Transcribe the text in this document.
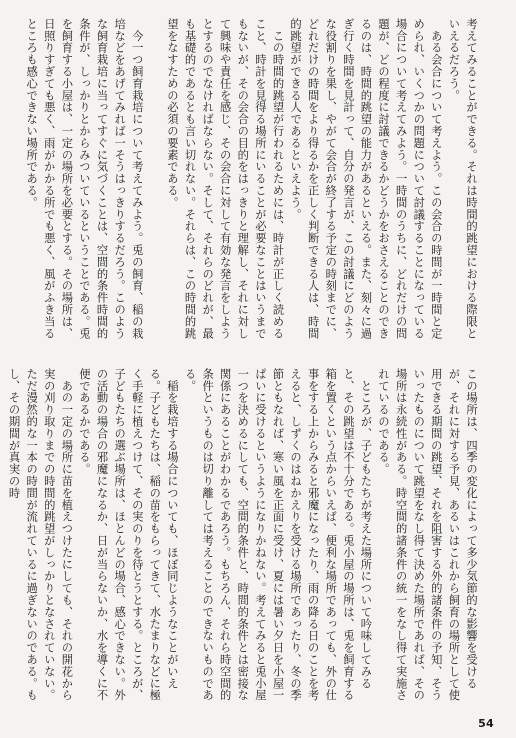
考えてみることができる。それは時間的跳望における際限といえるだろう。
　ある会合について考えよう。この会合の時間が一時間と定められ、いくつかの問題について討議することになっている場合について考えてみよう。一時間のうちに、どれだけの問題が、どの程度に討議できるかどうかをおさえることのできるのは、時間的跳望の能力があるといえる。また、刻々に過ぎ行く時間を見計って、自分の発言が、この討議にどのような役割りを果し、やがて会合が終了する予定の時刻までに、どれだけの時間をより得るかを正しく判断できる人は、時間的跳望ができる人であるといえよう。
　この時間的跳望が行われるためには、時計が正しく読めること、時計を見得る場所にいることが必要なことはいうまでもないが、その会合の目的をはっきりと理解し、それに対して興味や責任を感じ、その会合に対して有効な発言をしようとするのでなければならない。そして、それらのどれが、最も基礎的であるとも言い切れない。それらは、この時間的跳望をなすための必須の要素である。

　今一つ飼育栽培について考えてみよう。兎の飼育、稲の栽培などをあげてみれば一そうはっきりするだろう。このような飼育栽培に当ってすぐに気づくことは、空間的条件時間的条件が、しっかりとからみついているということである。兎を飼育する小屋は、一定の場所を必要とする。その場所は、日照りすぎても悪く、雨がかかる所でも悪く、風がふき当るところも感心できない場所である。
この場所は、四季の変化によって多少気節的な影響を受けるが、それに対する予見、あるいはこれから飼育の場所として使用できる期間の跳望、それを阻害する外的諸条件の予知、そういったものについて跳望をなし得て決めた場所であれば、その場所は永続性がある。時空間的諸条件の統一をなし得て実施されているのである。
　ところが、子どもたちが考えた場所について吟味してみると、その跳望は不十分である。兎小屋の場所は、兎を飼育する箱を置くという点からいえば、便利な場所であっても、外の仕事をする上からみると邪魔になったり、雨の降る日のことを考えると、しずくのはねかえりを受ける場所であったり、冬の季節ともなれば、寒い風を正面に受け、夏には暑い夕日を小屋一ぱいに受けるというようになりかねない。考えてみると兎小屋一つを決めるにしても、空間的条件と、時間的条件とは密接な関係にあることがわかるであろう。もちろん、それら時空間的条件というものは切り離しては考えることのできないものである。
　稲を栽培する場合についても、ほぼ同じようなことがいえる。子どもたちは、稲の苗をもらってきて、水たまりなどに極く手軽に植えつけて、その実のりを待とうとする。ところが、子どもたちの選ぶ場所は、ほとんどの場合、感心できない。外の活動の場合の邪魔になるか、日が当らないか、水を導くに不便であるかである。
　あの一定の場所に苗を植えつけたにしても、それの開花から実の刈り取りまでの時間的跳望がしっかりとなされていない。ただ漫然的な一本の時間が流れているに過ぎないのである。もし、その期間が真実の時
54
